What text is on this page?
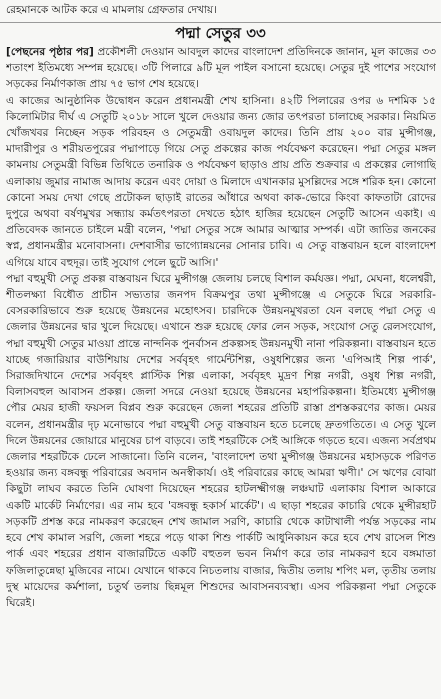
রেহমানকে আটক করে এ মামলায় গ্রেফতার দেখায়।
পদ্মা সেতুর ৩৩

[পেছনের পৃষ্ঠার পর] প্রকৌশলী দেওয়ান আবদুল কাদের বাংলাদেশ প্রতিদিনকে জানান, মূল কাজের ৩৩ শতাংশ ইতিমধ্যে সম্পন্ন হয়েছে। ৩টি পিলারে ৯টি মূল পাইল বসানো হয়েছে। সেতুর দুই পাশের সংযোগ সড়কের নির্মাণকাজ প্রায় ৭৫ ভাগ শেষ হয়েছে।

এ কাজের আনুষ্ঠানিক উদ্বোধন করেন প্রধানমন্ত্রী শেখ হাসিনা। ৪২টি পিলারের ওপর ৬ দশমিক ১৫ কিলোমিটার দীর্ঘ এ সেতুটি ২০১৮ সালে খুলে দেওয়ার জন্য জোর তৎপরতা চালাচ্ছে সরকার। নিয়মিত খোঁজখবর নিচ্ছেন সড়ক পরিবহন ও সেতুমন্ত্রী ওবায়দুল কাদের। তিনি প্রায় ২০০ বার মুন্সীগঞ্জ, মাদারীপুর ও শরীয়তপুরের পদ্মাপাড়ে গিয়ে সেতু প্রকল্পের কাজ পর্যবেক্ষণ করেছেন। পদ্মা সেতুর মঙ্গল কামনায় সেতুমন্ত্রী বিভিন্ন তিথিতে তনারিক ও পর্যবেক্ষণ ছাড়াও প্রায় প্রতি শুক্রবার এ প্রকল্পের লোগাছি এলাকায় জুমার নামাজ আদায় করেন এবং দোয়া ও মিলাদে এখানকার মুসল্লিদের সঙ্গে শরিক হন। কোনো কোনো সময় দেখা গেছে প্রটোকল ছাড়াই রাতের আঁধারে অথবা কাক-ভোরে কিংবা কাফতাটা রোদের দুপুরে অথবা বর্ষণমুখর সন্ধ্যায় কর্মতৎপরতা দেখতে হঠাৎ হাজির হয়েছেন সেতুটি আসেন একাই। এ প্রতিবেদক জানতে চাইলে মন্ত্রী বলেন, 'পদ্মা সেতুর সঙ্গে আমার আত্মার সম্পর্ক। এটা জাতির জনকের স্বপ্ন, প্রধানমন্ত্রীর মনোবাসনা। দেশবাসীর ভাগ্যোন্নয়নের সোনার চাবি। এ সেতু বাস্তবায়ন হলে বাংলাদেশ এগিয়ে যাবে বহুদূর। তাই সুযোগ পেলে ছুটে আসি।'

পদ্মা বহুমুখী সেতু প্রকল্প বাস্তবায়ন ঘিরে মুন্সীগঞ্জ জেলায় চলছে বিশাল কর্মযজ্ঞ। পদ্মা, মেঘনা, ধলেশ্বরী, শীতলক্ষ্যা বিধৌত প্রাচীন সভ্যতার জনপদ বিক্রমপুর তথা মুন্সীগঞ্জে এ সেতুকে ঘিরে সরকারি-বেসরকারিভাবে শুরু হয়েছে উন্নয়নের মহোৎসব। চারদিকে উন্নয়নমুখরতা যেন বলছে পদ্মা সেতু এ জেলার উন্নয়নের দ্বার খুলে দিয়েছে। এখানে শুরু হয়েছে ফোর লেন সড়ক, সংযোগ সেতু রেলসংযোগ, পদ্মা বহুমুখী সেতুর মাওয়া প্রান্তে নান্দনিক পুনর্বাসন প্রকল্পসহ উন্নয়নমুখী নানা পরিকল্পনা। বাস্তবায়ন হতে যাচ্ছে গজারিয়ার বাউশিয়ায় দেশের সর্ববৃহৎ গার্মেন্টশিল্প, ওষুধশিল্পের জন্য 'এপিআই শিল্প পার্ক', সিরাজদিখানে দেশের সর্ববৃহৎ প্লাস্টিক শিল্প এলাকা, সর্ববৃহৎ মুদ্রণ শিল্প নগরী, ওষুধ শিল্প নগরী, বিলাসবহুল আবাসন প্রকল্প। জেলা সদরে নেওয়া হয়েছে উন্নয়নের মহাপরিকল্পনা। ইতিমধ্যে মুন্সীগঞ্জ পৌর মেয়র হাজী ফয়সল বিপ্লব শুরু করেছেন জেলা শহরের প্রতিটি রাস্তা প্রশস্তকরণের কাজ। মেয়র বলেন, প্রধানমন্ত্রীর দৃঢ় মনোভাবে পদ্মা বহুমুখী সেতু বাস্তবায়ন হতে চলেছে দ্রুতগতিতে। এ সেতু খুলে দিলে উন্নয়নের জোয়ারে মানুষের চাপ বাড়বে। তাই শহরটিকে সেই আঙ্গিকে গড়তে হবে। এজন্য সর্বপ্রথম জেলার শহরটিকে ঢেলে সাজানো। তিনি বলেন, 'বাংলাদেশ তথা মুন্সীগঞ্জ উন্নয়নের মহাসড়কে পরিণত হওয়ার জন্য বঙ্গবন্ধু পরিবারের অবদান অনস্বীকার্য। ওই পরিবারের কাছে আমরা ঋণী।' সে ঋণের বোঝা কিছুটা লাঘব করতে তিনি ঘোষণা দিয়েছেন শহরের হাটলক্ষ্মীগঞ্জ লঞ্চঘাট এলাকায় বিশাল আকারে একটি মার্কেট নির্মাণের। এর নাম হবে 'বঙ্গবন্ধু হকার্স মার্কেট'। এ ছাড়া শহরের কাচারি থেকে মুন্সীরহাট সড়কটি প্রশস্ত করে নামকরণ করেছেন শেখ জামাল সরণি, কাচারি থেকে কাটাখালী পর্যন্ত সড়কের নাম হবে শেখ কামাল সরণি, জেলা শহরে পড়ে থাকা শিশু পার্কটি আধুনিকায়ন করে হবে শেখ রাসেল শিশু পার্ক এবং শহরের প্রধান বাজারটিতে একটি বহুতল ভবন নির্মাণ করে তার নামকরণ হবে বঙ্গমাতা ফজিলাতুন্নেছা মুজিবের নামে। যেখানে থাকবে নিচতলায় বাজার, দ্বিতীয় তলায় শপিং মল, তৃতীয় তলায় দুস্থ মায়েদের কর্মশালা, চতুর্থ তলায় ছিন্নমূল শিশুদের আবাসনব্যবস্থা। এসব পরিকল্পনা পদ্মা সেতুকে ঘিরেই।
